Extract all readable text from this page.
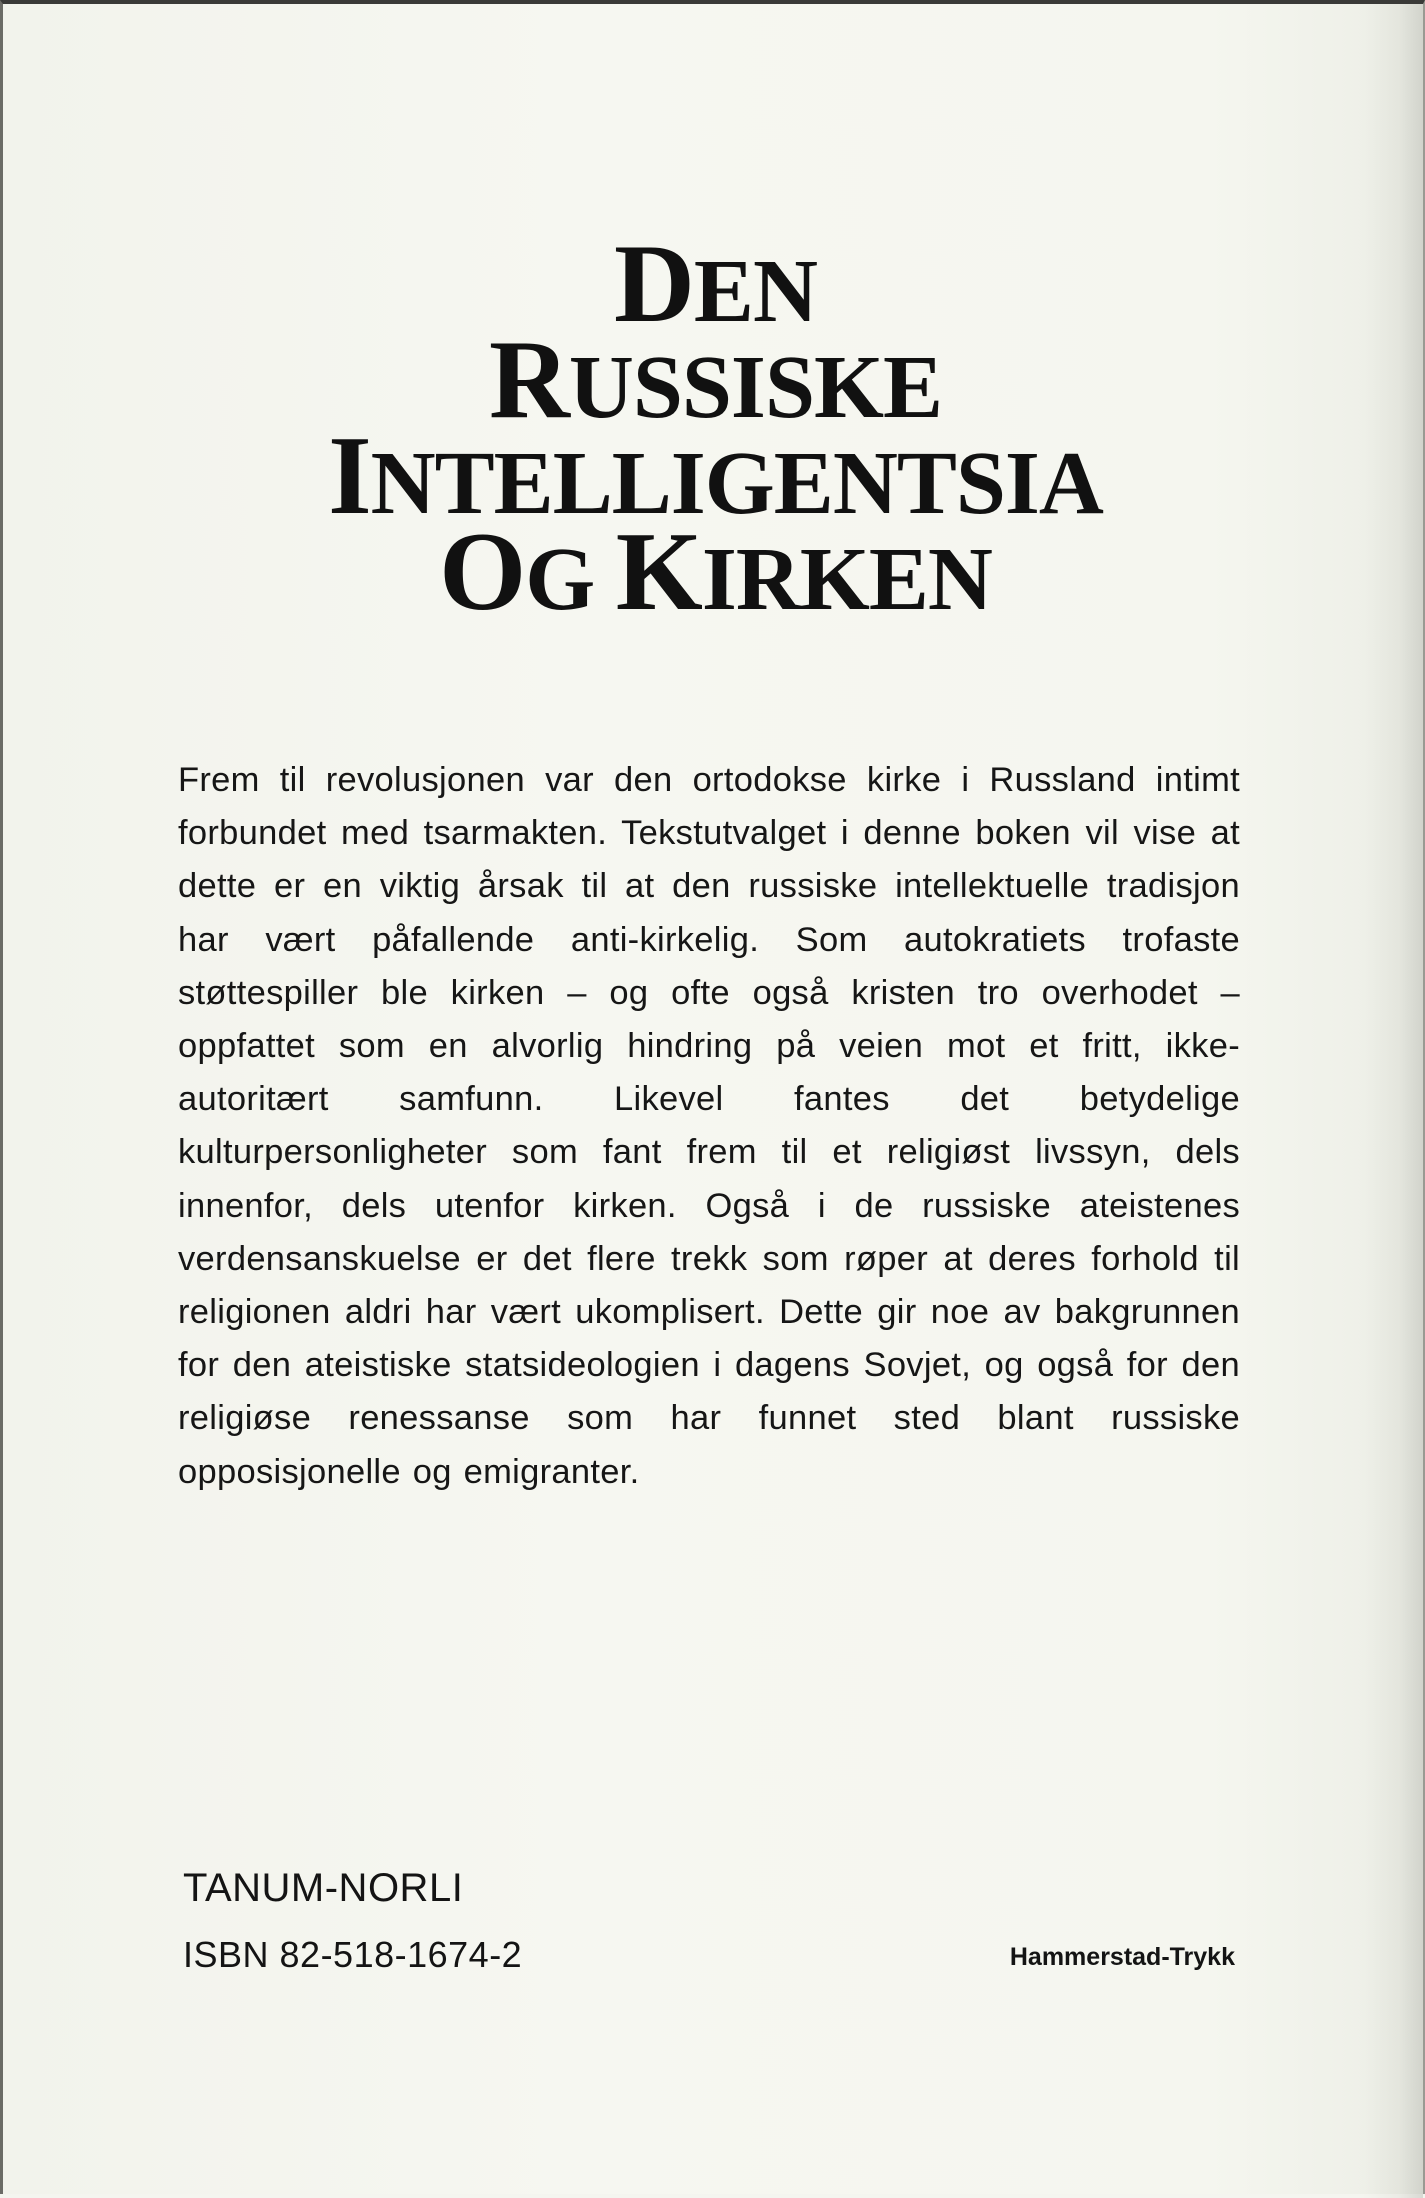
DEN
RUSSISKE
INTELLIGENTSIA
OG KIRKEN

Frem til revolusjonen var den ortodokse kirke i Russland intimt forbundet med tsarmakten. Tekstutvalget i denne boken vil vise at dette er en viktig årsak til at den russiske intellektuelle tradisjon har vært påfallende anti-kirkelig. Som autokratiets trofaste støttespiller ble kirken – og ofte også kristen tro overhodet – oppfattet som en alvorlig hindring på veien mot et fritt, ikke-autoritært samfunn. Likevel fantes det betydelige kulturpersonligheter som fant frem til et religiøst livssyn, dels innenfor, dels utenfor kirken. Også i de russiske ateistenes verdensanskuelse er det flere trekk som røper at deres forhold til religionen aldri har vært ukomplisert. Dette gir noe av bakgrunnen for den ateistiske statsideologien i dagens Sovjet, og også for den religiøse renessanse som har funnet sted blant russiske opposisjonelle og emigranter.

TANUM-NORLI

ISBN 82-518-1674-2	Hammerstad-Trykk
